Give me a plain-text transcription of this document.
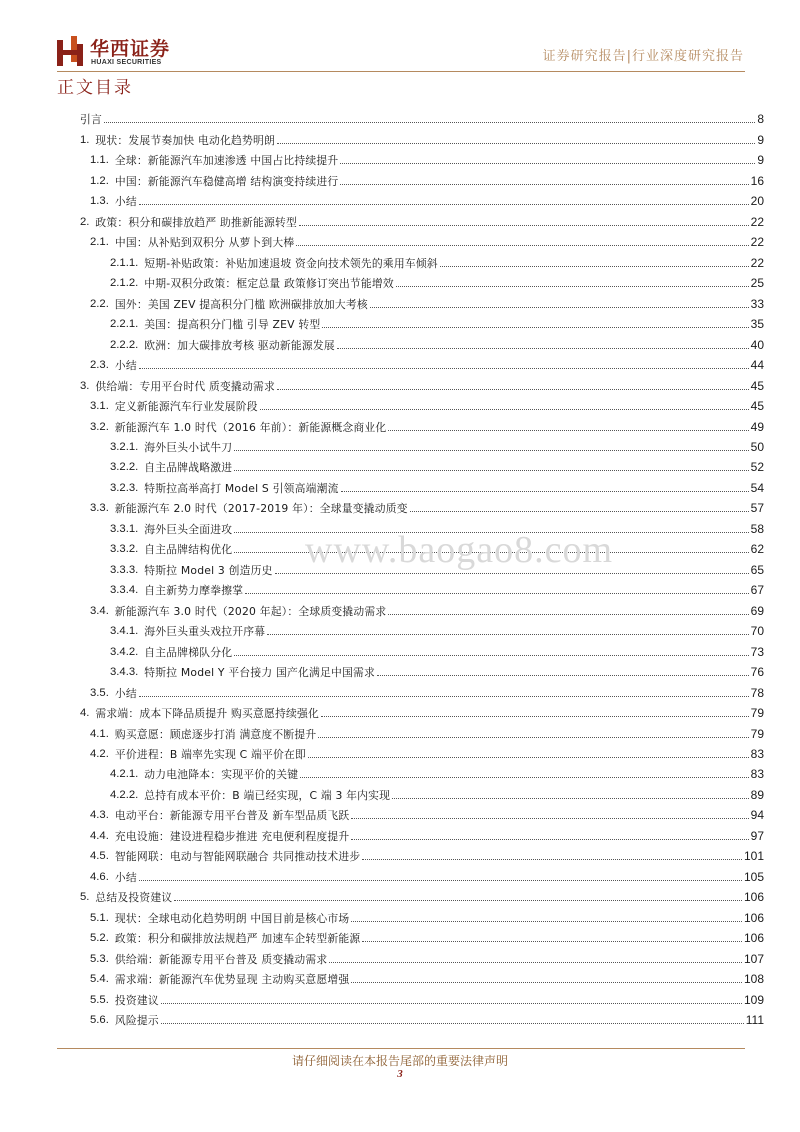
华西证券
HUAXI SECURITIES	证券研究报告|行业深度研究报告
正文目录
引言	8
1. 现状：发展节奏加快 电动化趋势明朗	9
1.1. 全球：新能源汽车加速渗透 中国占比持续提升	9
1.2. 中国：新能源汽车稳健高增 结构演变持续进行	16
1.3. 小结	20
2. 政策：积分和碳排放趋严 助推新能源转型	22
2.1. 中国：从补贴到双积分 从萝卜到大棒	22
2.1.1. 短期-补贴政策：补贴加速退坡 资金向技术领先的乘用车倾斜	22
2.1.2. 中期-双积分政策：框定总量 政策修订突出节能增效	25
2.2. 国外：美国 ZEV 提高积分门槛 欧洲碳排放加大考核	33
2.2.1. 美国：提高积分门槛 引导 ZEV 转型	35
2.2.2. 欧洲：加大碳排放考核 驱动新能源发展	40
2.3. 小结	44
3. 供给端：专用平台时代 质变撬动需求	45
3.1. 定义新能源汽车行业发展阶段	45
3.2. 新能源汽车 1.0 时代（2016 年前）：新能源概念商业化	49
3.2.1. 海外巨头小试牛刀	50
3.2.2. 自主品牌战略激进	52
3.2.3. 特斯拉高举高打 Model S 引领高端潮流	54
3.3. 新能源汽车 2.0 时代（2017-2019 年）：全球量变撬动质变	57
3.3.1. 海外巨头全面进攻	58
3.3.2. 自主品牌结构优化	62
3.3.3. 特斯拉 Model 3 创造历史	65
3.3.4. 自主新势力摩拳擦掌	67
3.4. 新能源汽车 3.0 时代（2020 年起）：全球质变撬动需求	69
3.4.1. 海外巨头重头戏拉开序幕	70
3.4.2. 自主品牌梯队分化	73
3.4.3. 特斯拉 Model Y 平台接力 国产化满足中国需求	76
3.5. 小结	78
4. 需求端：成本下降品质提升 购买意愿持续强化	79
4.1. 购买意愿：顾虑逐步打消 满意度不断提升	79
4.2. 平价进程：B 端率先实现 C 端平价在即	83
4.2.1. 动力电池降本：实现平价的关键	83
4.2.2. 总持有成本平价：B 端已经实现，C 端 3 年内实现	89
4.3. 电动平台：新能源专用平台普及 新车型品质飞跃	94
4.4. 充电设施：建设进程稳步推进 充电便利程度提升	97
4.5. 智能网联：电动与智能网联融合 共同推动技术进步	101
4.6. 小结	105
5. 总结及投资建议	106
5.1. 现状：全球电动化趋势明朗 中国目前是核心市场	106
5.2. 政策：积分和碳排放法规趋严 加速车企转型新能源	106
5.3. 供给端：新能源专用平台普及 质变撬动需求	107
5.4. 需求端：新能源汽车优势显现 主动购买意愿增强	108
5.5. 投资建议	109
5.6. 风险提示	111
www.baogao8.com
请仔细阅读在本报告尾部的重要法律声明
3
